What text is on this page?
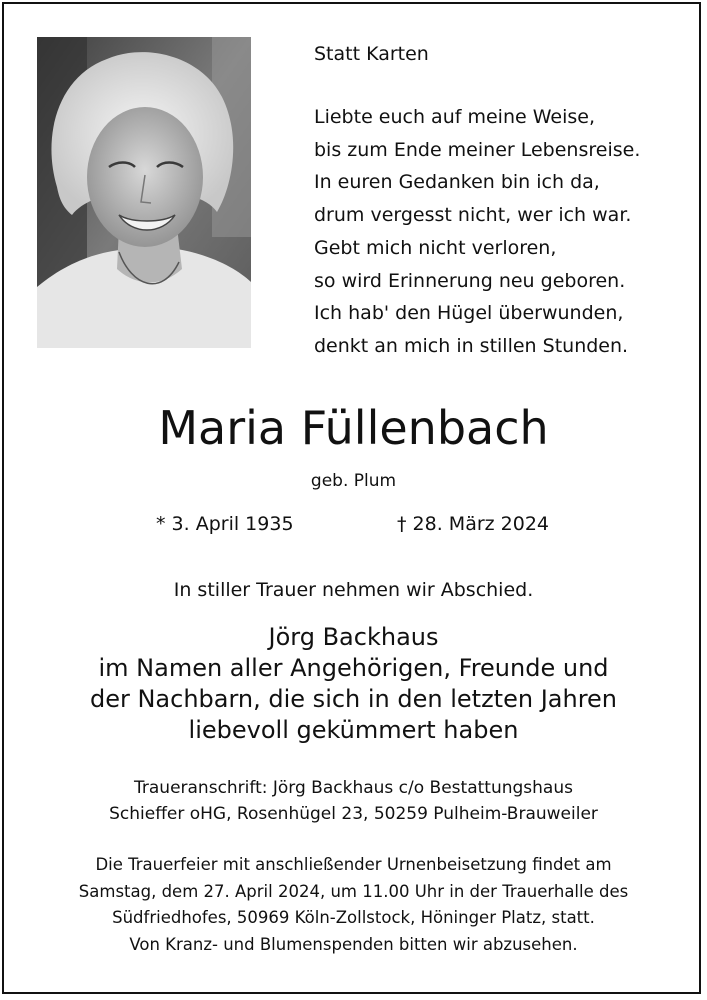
Statt Karten
Liebte euch auf meine Weise,
bis zum Ende meiner Lebensreise.
In euren Gedanken bin ich da,
drum vergesst nicht, wer ich war.
Gebt mich nicht verloren,
so wird Erinnerung neu geboren.
Ich hab' den Hügel überwunden,
denkt an mich in stillen Stunden.
Maria Füllenbach
geb. Plum
* 3. April 1935	† 28. März 2024
In stiller Trauer nehmen wir Abschied.
Jörg Backhaus
im Namen aller Angehörigen, Freunde und
der Nachbarn, die sich in den letzten Jahren
liebevoll gekümmert haben
Traueranschrift: Jörg Backhaus c/o Bestattungshaus
Schieffer oHG, Rosenhügel 23, 50259 Pulheim-Brauweiler
Die Trauerfeier mit anschließender Urnenbeisetzung findet am
Samstag, dem 27. April 2024, um 11.00 Uhr in der Trauerhalle des
Südfriedhofes, 50969 Köln-Zollstock, Höninger Platz, statt.
Von Kranz- und Blumenspenden bitten wir abzusehen.
